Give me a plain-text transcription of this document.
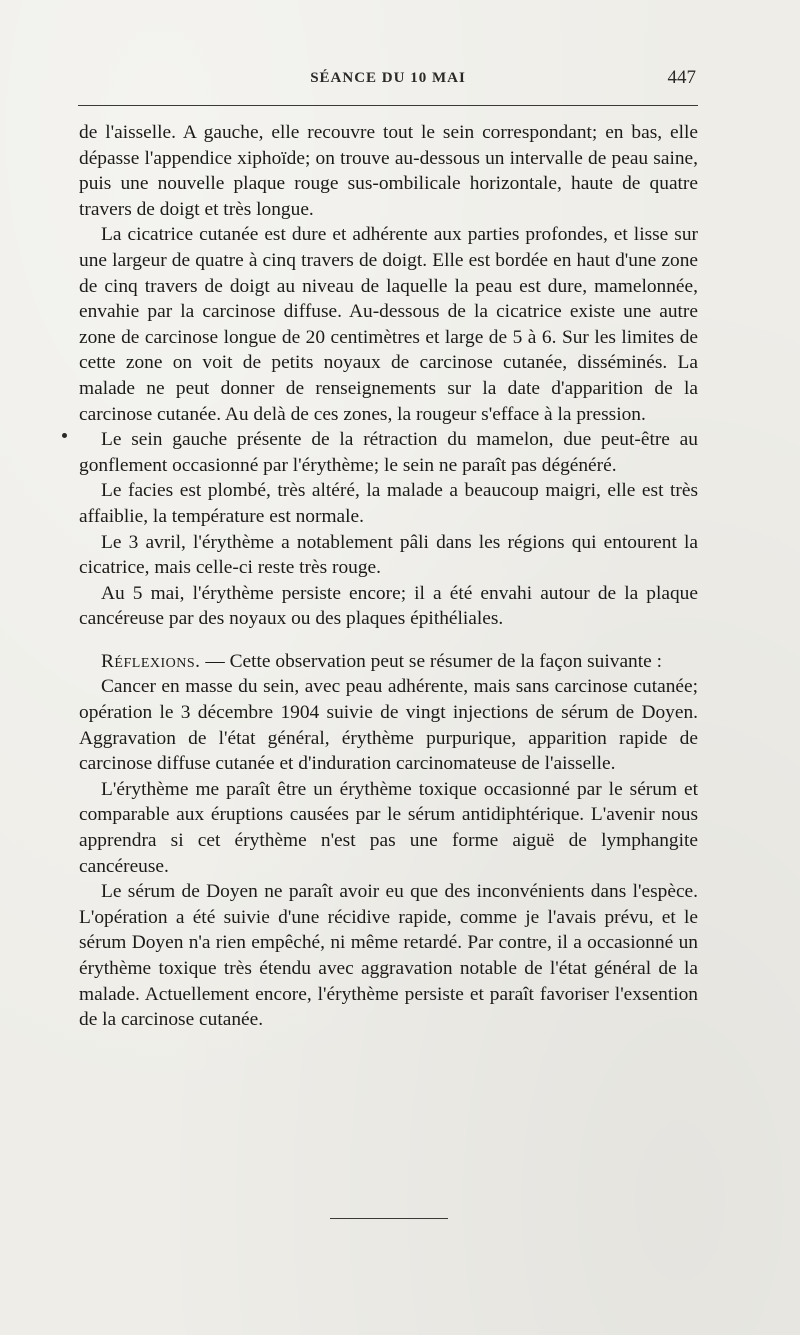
SÉANCE DU 10 MAI	447

de l'aisselle. A gauche, elle recouvre tout le sein correspondant; en bas, elle dépasse l'appendice xiphoïde; on trouve au-dessous un intervalle de peau saine, puis une nouvelle plaque rouge sus-ombilicale horizontale, haute de quatre travers de doigt et très longue.

La cicatrice cutanée est dure et adhérente aux parties profondes, et lisse sur une largeur de quatre à cinq travers de doigt. Elle est bordée en haut d'une zone de cinq travers de doigt au niveau de laquelle la peau est dure, mamelonnée, envahie par la carcinose diffuse. Au-dessous de la cicatrice existe une autre zone de carcinose longue de 20 centimètres et large de 5 à 6. Sur les limites de cette zone on voit de petits noyaux de carcinose cutanée, disséminés. La malade ne peut donner de renseignements sur la date d'apparition de la carcinose cutanée. Au delà de ces zones, la rougeur s'efface à la pression.

Le sein gauche présente de la rétraction du mamelon, due peut-être au gonflement occasionné par l'érythème; le sein ne paraît pas dégénéré.

Le facies est plombé, très altéré, la malade a beaucoup maigri, elle est très affaiblie, la température est normale.

Le 3 avril, l'érythème a notablement pâli dans les régions qui entourent la cicatrice, mais celle-ci reste très rouge.

Au 5 mai, l'érythème persiste encore; il a été envahi autour de la plaque cancéreuse par des noyaux ou des plaques épithéliales.

Réflexions. — Cette observation peut se résumer de la façon suivante :

Cancer en masse du sein, avec peau adhérente, mais sans carcinose cutanée; opération le 3 décembre 1904 suivie de vingt injections de sérum de Doyen. Aggravation de l'état général, érythème purpurique, apparition rapide de carcinose diffuse cutanée et d'induration carcinomateuse de l'aisselle.

L'érythème me paraît être un érythème toxique occasionné par le sérum et comparable aux éruptions causées par le sérum antidiphtérique. L'avenir nous apprendra si cet érythème n'est pas une forme aiguë de lymphangite cancéreuse.

Le sérum de Doyen ne paraît avoir eu que des inconvénients dans l'espèce. L'opération a été suivie d'une récidive rapide, comme je l'avais prévu, et le sérum Doyen n'a rien empêché, ni même retardé. Par contre, il a occasionné un érythème toxique très étendu avec aggravation notable de l'état général de la malade. Actuellement encore, l'érythème persiste et paraît favoriser l'exsention de la carcinose cutanée.
